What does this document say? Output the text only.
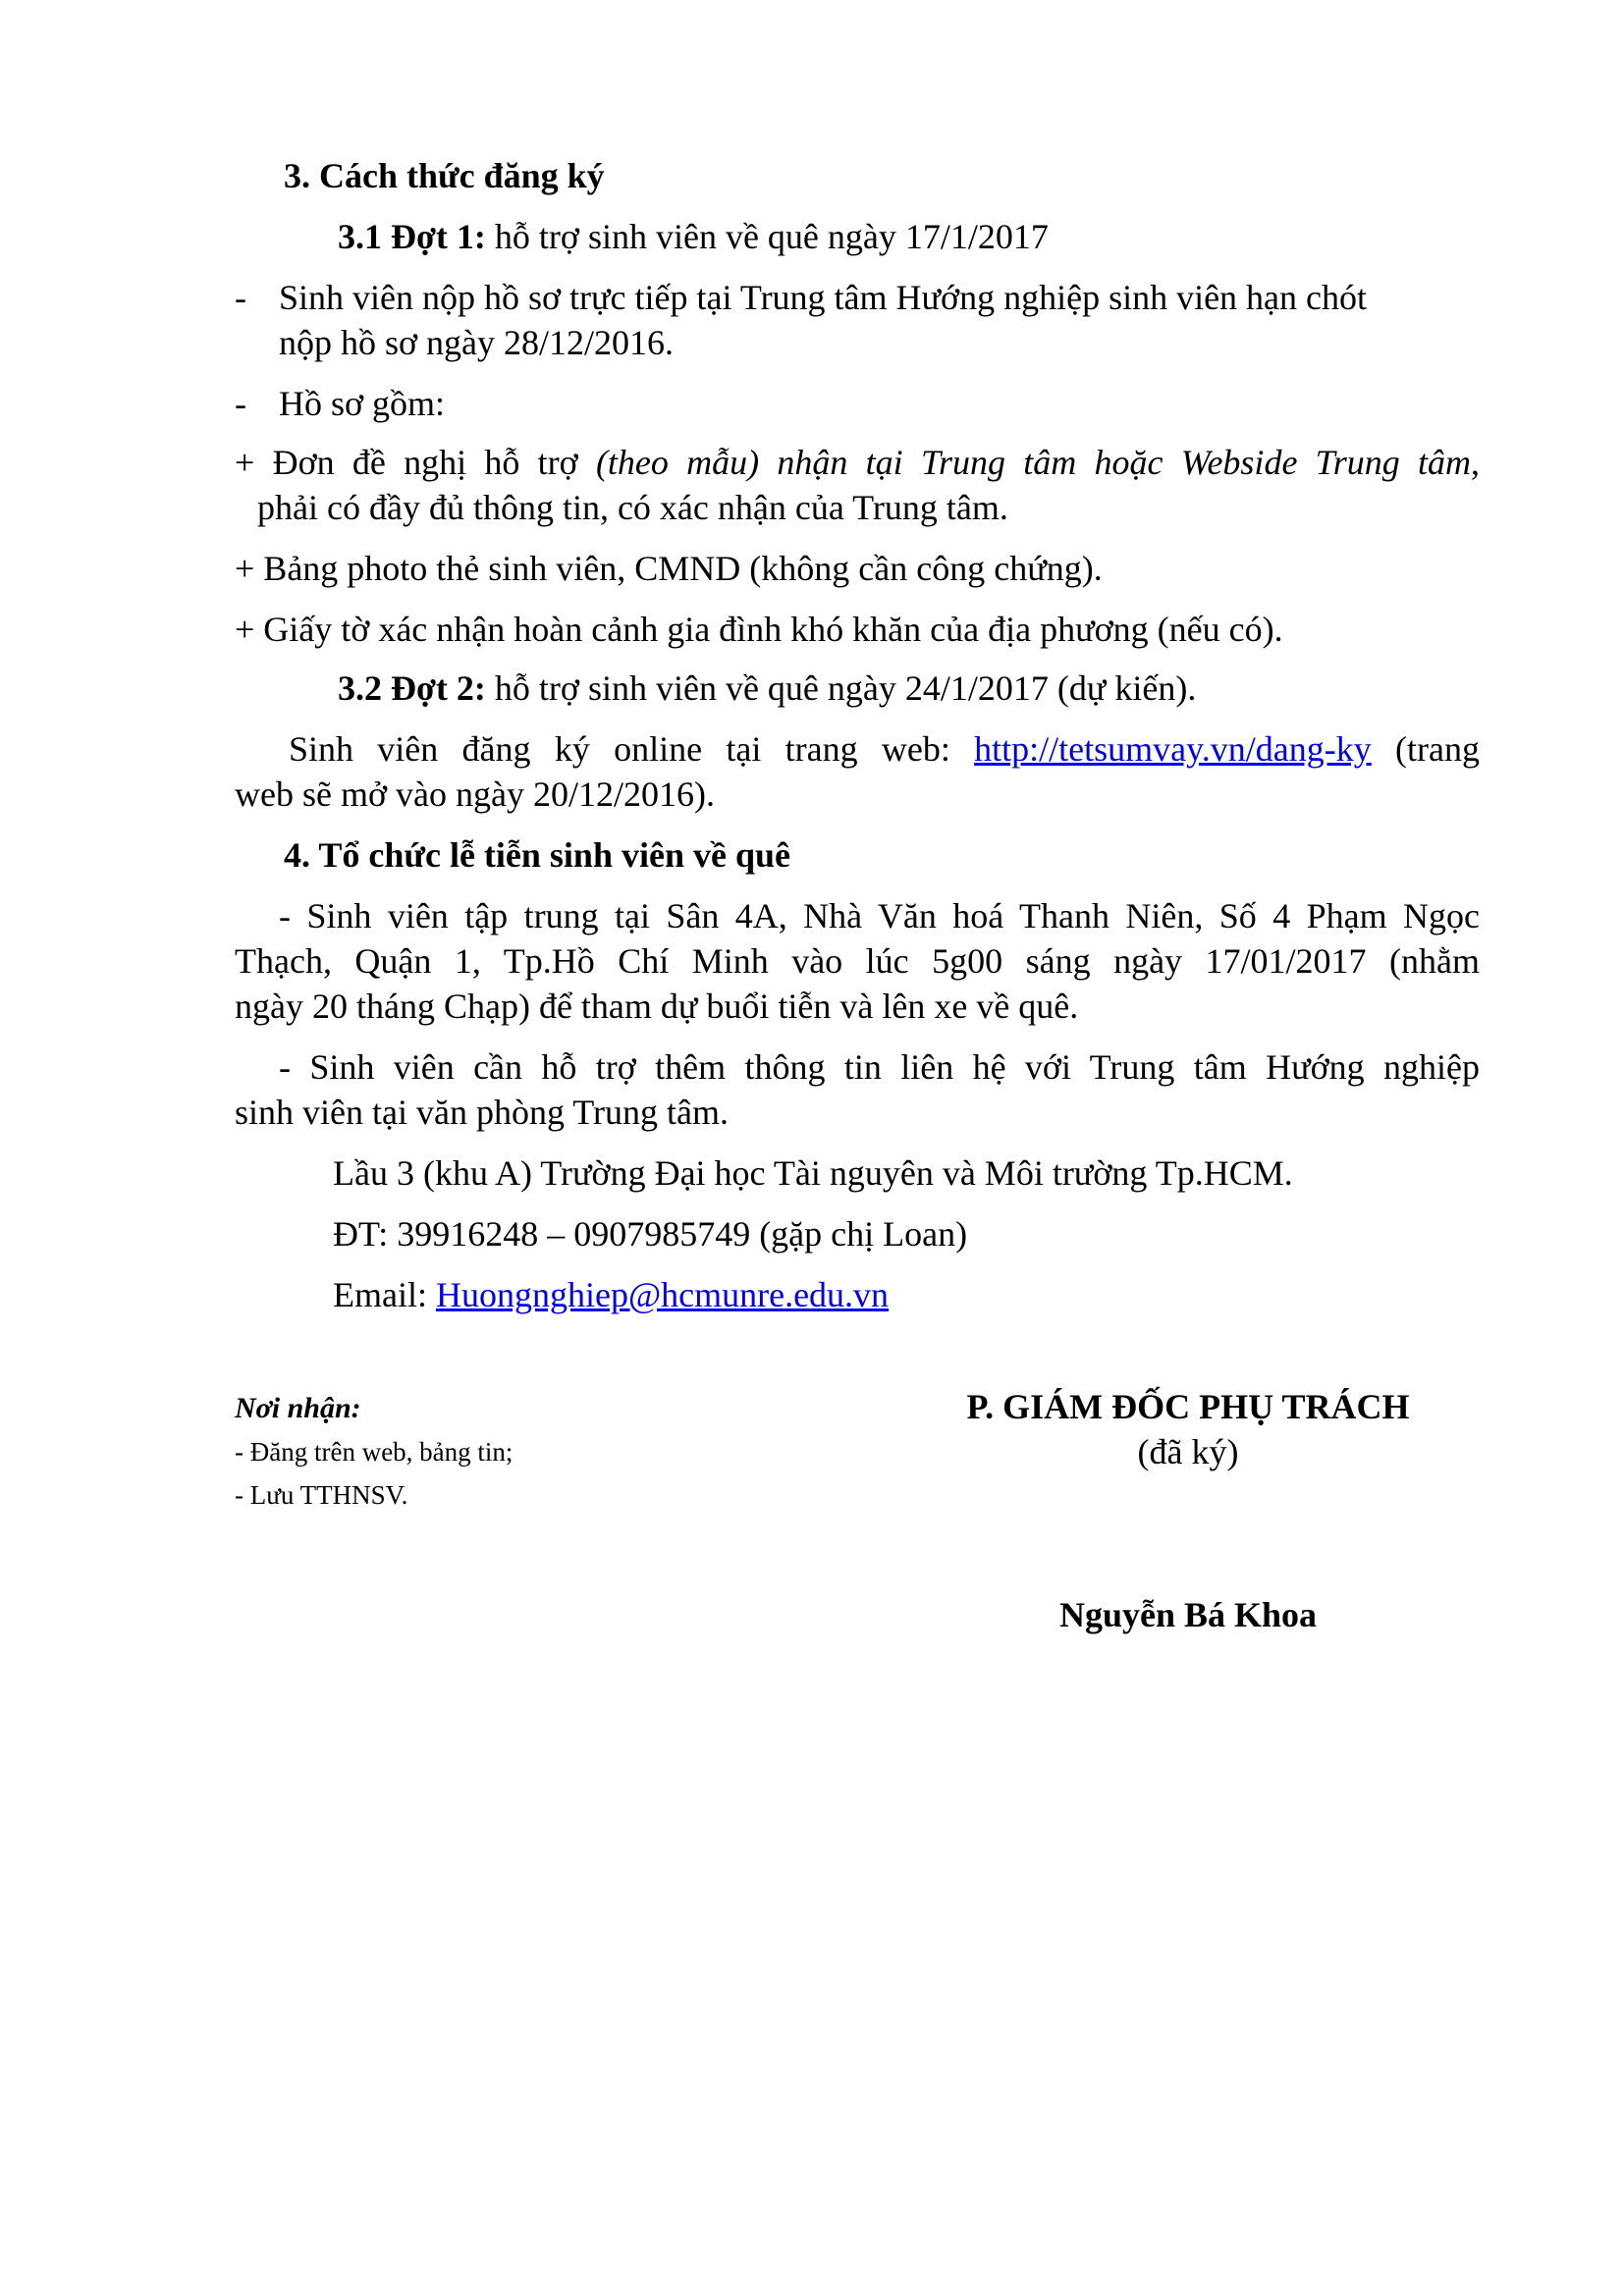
3. Cách thức đăng ký
3.1 Đợt 1: hỗ trợ sinh viên về quê ngày 17/1/2017
- Sinh viên nộp hồ sơ trực tiếp tại Trung tâm Hướng nghiệp sinh viên hạn chót
nộp hồ sơ ngày 28/12/2016.
- Hồ sơ gồm:
+ Đơn đề nghị hỗ trợ (theo mẫu) nhận tại Trung tâm hoặc Webside Trung tâm,
phải có đầy đủ thông tin, có xác nhận của Trung tâm.
+ Bảng photo thẻ sinh viên, CMND (không cần công chứng).
+ Giấy tờ xác nhận hoàn cảnh gia đình khó khăn của địa phương (nếu có).
3.2 Đợt 2: hỗ trợ sinh viên về quê ngày 24/1/2017 (dự kiến).
Sinh viên đăng ký online tại trang web: http://tetsumvay.vn/dang-ky (trang
web sẽ mở vào ngày 20/12/2016).
4. Tổ chức lễ tiễn sinh viên về quê
- Sinh viên tập trung tại Sân 4A, Nhà Văn hoá Thanh Niên, Số 4 Phạm Ngọc
Thạch, Quận 1, Tp.Hồ Chí Minh vào lúc 5g00 sáng ngày 17/01/2017 (nhằm
ngày 20 tháng Chạp) để tham dự buổi tiễn và lên xe về quê.
- Sinh viên cần hỗ trợ thêm thông tin liên hệ với Trung tâm Hướng nghiệp
sinh viên tại văn phòng Trung tâm.
Lầu 3 (khu A) Trường Đại học Tài nguyên và Môi trường Tp.HCM.
ĐT: 39916248 – 0907985749 (gặp chị Loan)
Email: Huongnghiep@hcmunre.edu.vn
Nơi nhận:
- Đăng trên web, bảng tin;
- Lưu TTHNSV.
P. GIÁM ĐỐC PHỤ TRÁCH
(đã ký)
Nguyễn Bá Khoa
